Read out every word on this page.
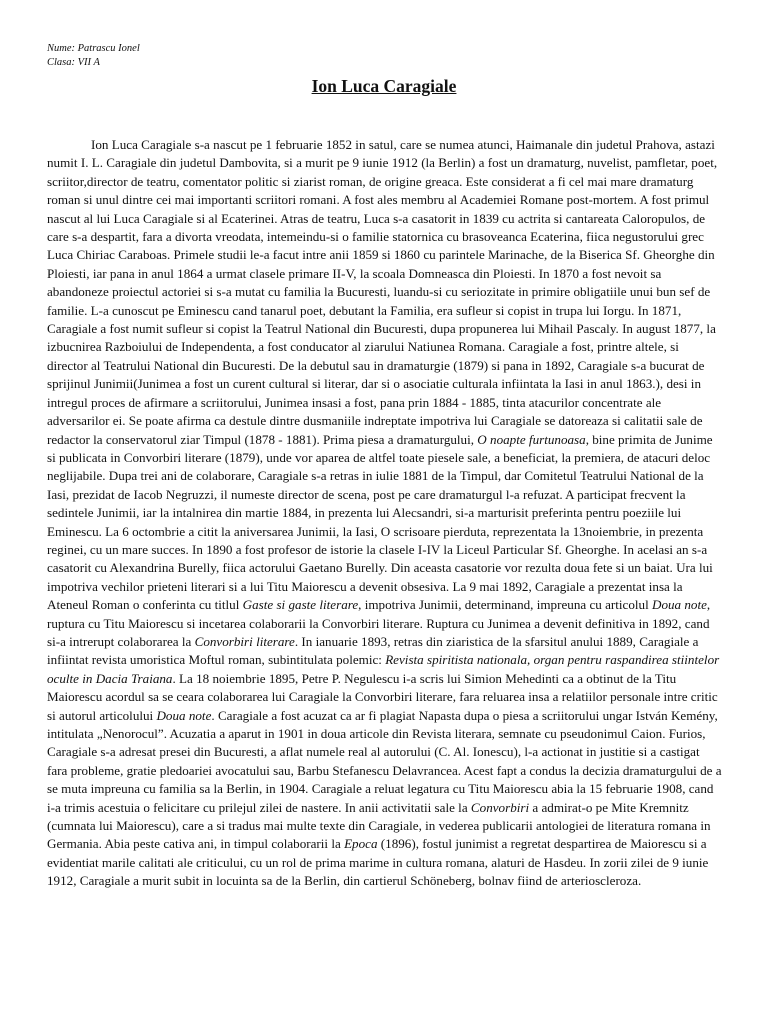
Nume: Patrascu Ionel
Clasa: VII A
Ion Luca Caragiale

Ion Luca Caragiale s-a nascut pe 1 februarie 1852 in satul, care se numea atunci, Haimanale din judetul Prahova, astazi numit I. L. Caragiale din judetul Dambovita, si a murit pe 9 iunie 1912 (la Berlin) a fost un dramaturg, nuvelist, pamfletar, poet, scriitor,director de teatru, comentator politic si ziarist roman, de origine greaca. Este considerat a fi cel mai mare dramaturg roman si unul dintre cei mai importanti scriitori romani. A fost ales membru al Academiei Romane post-mortem. A fost primul nascut al lui Luca Caragiale si al Ecaterinei. Atras de teatru, Luca s-a casatorit in 1839 cu actrita si cantareata Caloropulos, de care s-a despartit, fara a divorta vreodata, intemeindu-si o familie statornica cu brasoveanca Ecaterina, fiica negustorului grec Luca Chiriac Caraboas. Primele studii le-a facut intre anii 1859 si 1860 cu parintele Marinache, de la Biserica Sf. Gheorghe din Ploiesti, iar pana in anul 1864 a urmat clasele primare II-V, la scoala Domneasca din Ploiesti. In 1870 a fost nevoit sa abandoneze proiectul actoriei si s-a mutat cu familia la Bucuresti, luandu-si cu seriozitate in primire obligatiile unui bun sef de familie. L-a cunoscut pe Eminescu cand tanarul poet, debutant la Familia, era sufleur si copist in trupa lui Iorgu. In 1871, Caragiale a fost numit sufleur si copist la Teatrul National din Bucuresti, dupa propunerea lui Mihail Pascaly. In august 1877, la izbucnirea Razboiului de Independenta, a fost conducator al ziarului Natiunea Romana. Caragiale a fost, printre altele, si director al Teatrului National din Bucuresti. De la debutul sau in dramaturgie (1879) si pana in 1892, Caragiale s-a bucurat de sprijinul Junimii(Junimea a fost un curent cultural si literar, dar si o asociatie culturala infiintata la Iasi in anul 1863.), desi in intregul proces de afirmare a scriitorului, Junimea insasi a fost, pana prin 1884 - 1885, tinta atacurilor concentrate ale adversarilor ei. Se poate afirma ca destule dintre dusmaniile indreptate impotriva lui Caragiale se datoreaza si calitatii sale de redactor la conservatorul ziar Timpul (1878 - 1881). Prima piesa a dramaturgului, O noapte furtunoasa, bine primita de Junime si publicata in Convorbiri literare (1879), unde vor aparea de altfel toate piesele sale, a beneficiat, la premiera, de atacuri deloc neglijabile. Dupa trei ani de colaborare, Caragiale s-a retras in iulie 1881 de la Timpul, dar Comitetul Teatrului National de la Iasi, prezidat de Iacob Negruzzi, il numeste director de scena, post pe care dramaturgul l-a refuzat. A participat frecvent la sedintele Junimii, iar la intalnirea din martie 1884, in prezenta lui Alecsandri, si-a marturisit preferinta pentru poeziile lui Eminescu. La 6 octombrie a citit la aniversarea Junimii, la Iasi, O scrisoare pierduta, reprezentata la 13noiembrie, in prezenta reginei, cu un mare succes. In 1890 a fost profesor de istorie la clasele I-IV la Liceul Particular Sf. Gheorghe. In acelasi an s-a casatorit cu Alexandrina Burelly, fiica actorului Gaetano Burelly. Din aceasta casatorie vor rezulta doua fete si un baiat. Ura lui impotriva vechilor prieteni literari si a lui Titu Maiorescu a devenit obsesiva. La 9 mai 1892, Caragiale a prezentat insa la Ateneul Roman o conferinta cu titlul Gaste si gaste literare, impotriva Junimii, determinand, impreuna cu articolul Doua note, ruptura cu Titu Maiorescu si incetarea colaborarii la Convorbiri literare. Ruptura cu Junimea a devenit definitiva in 1892, cand si-a intrerupt colaborarea la Convorbiri literare. In ianuarie 1893, retras din ziaristica de la sfarsitul anului 1889, Caragiale a infiintat revista umoristica Moftul roman, subintitulata polemic: Revista spiritista nationala, organ pentru raspandirea stiintelor oculte in Dacia Traiana. La 18 noiembrie 1895, Petre P. Negulescu i-a scris lui Simion Mehedinti ca a obtinut de la Titu Maiorescu acordul sa se ceara colaborarea lui Caragiale la Convorbiri literare, fara reluarea insa a relatiilor personale intre critic si autorul articolului Doua note. Caragiale a fost acuzat ca ar fi plagiat Napasta dupa o piesa a scriitorului ungar István Kemény, intitulata „Nenorocul”. Acuzatia a aparut in 1901 in doua articole din Revista literara, semnate cu pseudonimul Caion. Furios, Caragiale s-a adresat presei din Bucuresti, a aflat numele real al autorului (C. Al. Ionescu), l-a actionat in justitie si a castigat fara probleme, gratie pledoariei avocatului sau, Barbu Stefanescu Delavrancea. Acest fapt a condus la decizia dramaturgului de a se muta impreuna cu familia sa la Berlin, in 1904. Caragiale a reluat legatura cu Titu Maiorescu abia la 15 februarie 1908, cand i-a trimis acestuia o felicitare cu prilejul zilei de nastere. In anii activitatii sale la Convorbiri a admirat-o pe Mite Kremnitz (cumnata lui Maiorescu), care a si tradus mai multe texte din Caragiale, in vederea publicarii antologiei de literatura romana in Germania. Abia peste cativa ani, in timpul colaborarii la Epoca (1896), fostul junimist a regretat despartirea de Maiorescu si a evidentiat marile calitati ale criticului, cu un rol de prima marime in cultura romana, alaturi de Hasdeu. In zorii zilei de 9 iunie 1912, Caragiale a murit subit in locuinta sa de la Berlin, din cartierul Schöneberg, bolnav fiind de arterioscleroza.
